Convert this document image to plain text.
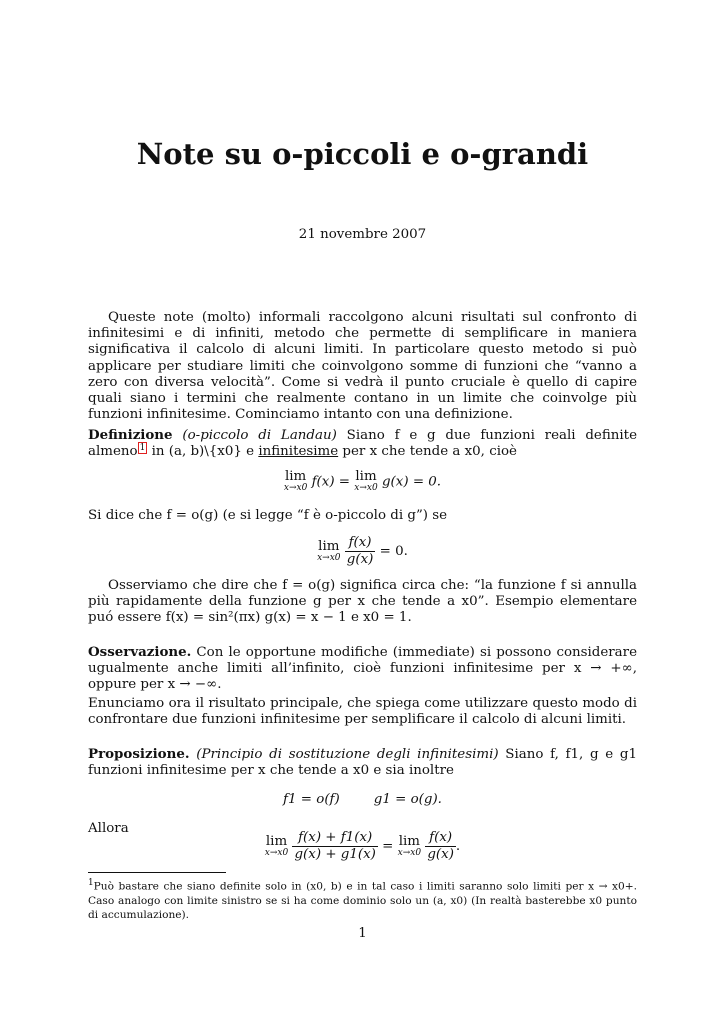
Note su o-piccoli e o-grandi
21 novembre 2007

Queste note (molto) informali raccolgono alcuni risultati sul confronto di infinitesimi e di infiniti, metodo che permette di semplificare in maniera significativa il calcolo di alcuni limiti. In particolare questo metodo si può applicare per studiare limiti che coinvolgono somme di funzioni che “vanno a zero con diversa velocità”. Come si vedrà il punto cruciale è quello di capire quali siano i termini che realmente contano in un limite che coinvolge più funzioni infinitesime. Cominciamo intanto con una definizione.

Definizione (o-piccolo di Landau) Siano f e g due funzioni reali definite almeno $^1$ in (a, b)\{x0} e infinitesime per x che tende a x0, cioè

lim
x→x0 f(x) = lim
x→x0 g(x) = 0.

Si dice che f = o(g) (e si legge “f è o-piccolo di g”) se

lim
x→x0
$\frac{f(x)}{g(x)} = 0$.

Osserviamo che dire che f = o(g) significa circa che: “la funzione f si annulla più rapidamente della funzione g per x che tende a x0”. Esempio elementare puó essere f(x) = sin²(πx) g(x) = x − 1 e x0 = 1.

Osservazione. Con le opportune modifiche (immediate) si possono considerare ugualmente anche limiti all’infinito, cioè funzioni infinitesime per x → +∞, oppure per x → −∞.

Enunciamo ora il risultato principale, che spiega come utilizzare questo modo di confrontare due funzioni infinitesime per semplificare il calcolo di alcuni limiti.

Proposizione. (Principio di sostituzione degli infinitesimi) Siano f, f1, g e g1 funzioni infinitesime per x che tende a x0 e sia inoltre

f1 = o(f)        g1 = o(g).

Allora

lim
x→x0
$\frac{f(x) + f1(x)}{g(x) + g1(x)} = \lim$
x→x0
$\frac{f(x)}{g(x)}$ .
$^1$Può bastare che siano definite solo in (x0, b) e in tal caso i limiti saranno solo limiti per x → x0+. Caso analogo con limite sinistro se si ha come dominio solo un (a, x0) (In realtà basterebbe x0 punto di accumulazione).
1
